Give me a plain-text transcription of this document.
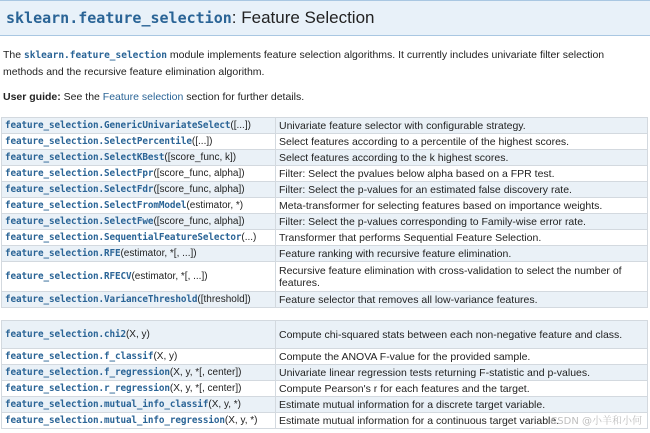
sklearn.feature_selection : Feature Selection
The sklearn.feature_selection module implements feature selection algorithms. It currently includes univariate filter selection methods and the recursive feature elimination algorithm.
User guide: See the Feature selection section for further details.
feature_selection.GenericUnivariateSelect([...])	Univariate feature selector with configurable strategy.
feature_selection.SelectPercentile([...])	Select features according to a percentile of the highest scores.
feature_selection.SelectKBest([score_func, k])	Select features according to the k highest scores.
feature_selection.SelectFpr([score_func, alpha])	Filter: Select the pvalues below alpha based on a FPR test.
feature_selection.SelectFdr([score_func, alpha])	Filter: Select the p-values for an estimated false discovery rate.
feature_selection.SelectFromModel(estimator, *)	Meta-transformer for selecting features based on importance weights.
feature_selection.SelectFwe([score_func, alpha])	Filter: Select the p-values corresponding to Family-wise error rate.
feature_selection.SequentialFeatureSelector(...)	Transformer that performs Sequential Feature Selection.
feature_selection.RFE(estimator, *[, ...])	Feature ranking with recursive feature elimination.
feature_selection.RFECV(estimator, *[, ...])	Recursive feature elimination with cross-validation to select the number of features.
feature_selection.VarianceThreshold([threshold])	Feature selector that removes all low-variance features.
feature_selection.chi2(X, y)	Compute chi-squared stats between each non-negative feature and class.
feature_selection.f_classif(X, y)	Compute the ANOVA F-value for the provided sample.
feature_selection.f_regression(X, y, *[, center])	Univariate linear regression tests returning F-statistic and p-values.
feature_selection.r_regression(X, y, *[, center])	Compute Pearson's r for each features and the target.
feature_selection.mutual_info_classif(X, y, *)	Estimate mutual information for a discrete target variable.
feature_selection.mutual_info_regression(X, y, *)	Estimate mutual information for a continuous target variable.
CSDN @小羊和小何
